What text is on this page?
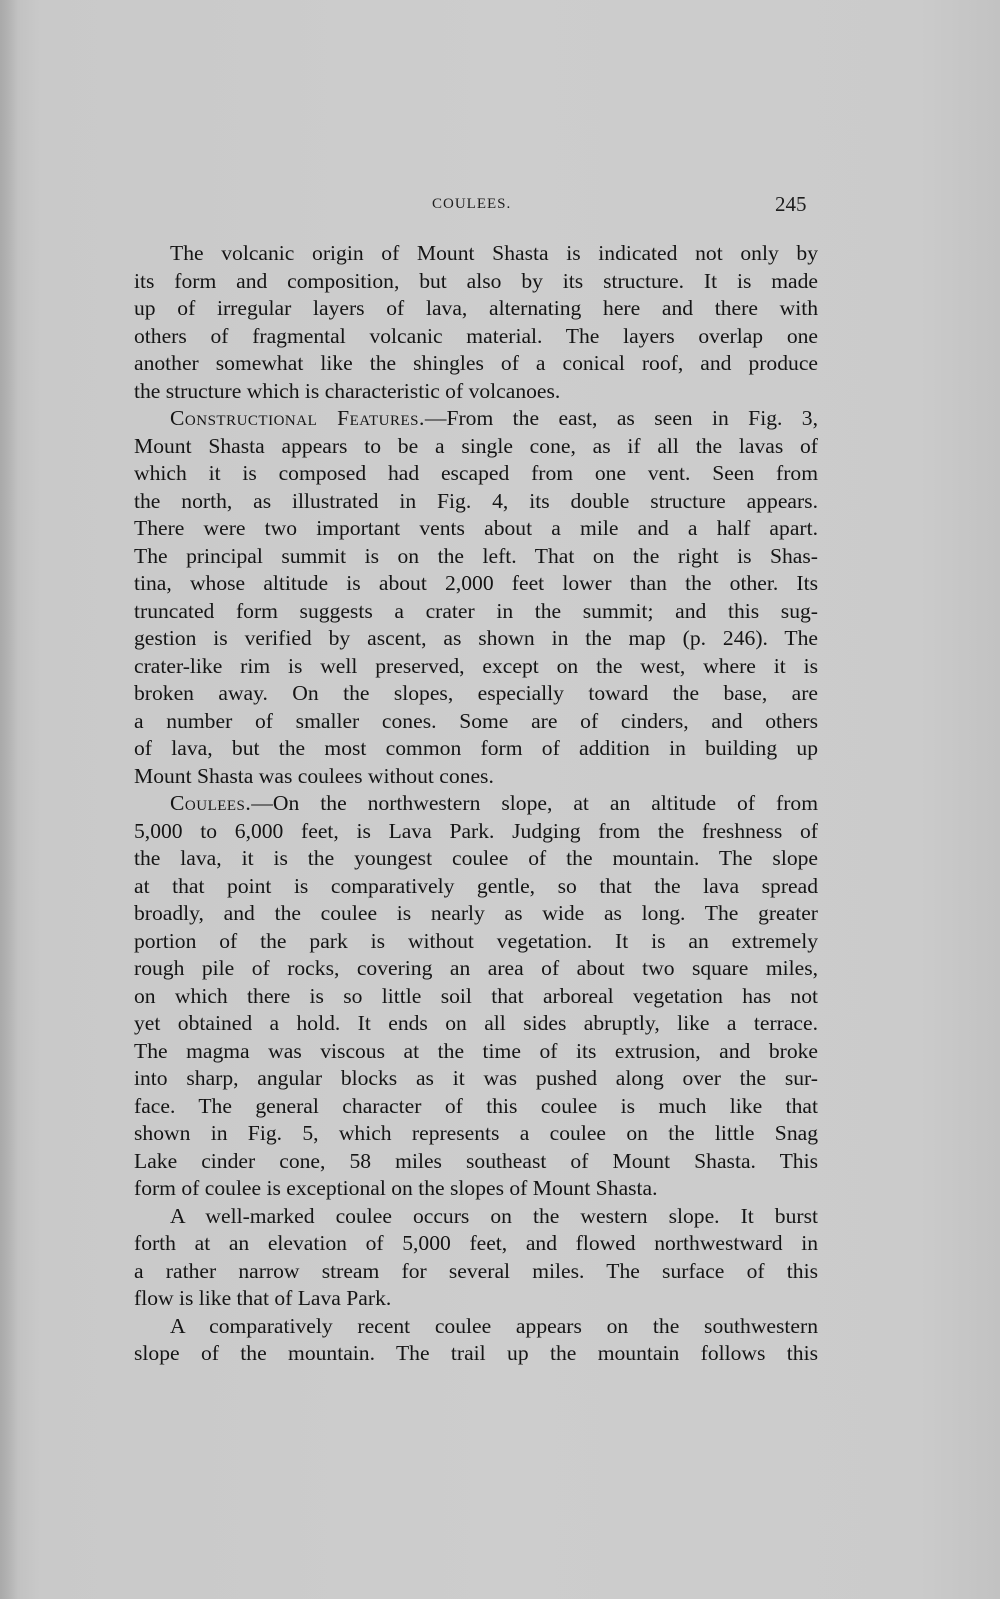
COULEES.	245
The volcanic origin of Mount Shasta is indicated not only by
its form and composition, but also by its structure. It is made
up of irregular layers of lava, alternating here and there with
others of fragmental volcanic material. The layers overlap one
another somewhat like the shingles of a conical roof, and produce
the structure which is characteristic of volcanoes.
Constructional Features.—From the east, as seen in Fig. 3,
Mount Shasta appears to be a single cone, as if all the lavas of
which it is composed had escaped from one vent. Seen from
the north, as illustrated in Fig. 4, its double structure appears.
There were two important vents about a mile and a half apart.
The principal summit is on the left. That on the right is Shas-
tina, whose altitude is about 2,000 feet lower than the other. Its
truncated form suggests a crater in the summit; and this sug-
gestion is verified by ascent, as shown in the map (p. 246). The
crater-like rim is well preserved, except on the west, where it is
broken away. On the slopes, especially toward the base, are
a number of smaller cones. Some are of cinders, and others
of lava, but the most common form of addition in building up
Mount Shasta was coulees without cones.
Coulees.—On the northwestern slope, at an altitude of from
5,000 to 6,000 feet, is Lava Park. Judging from the freshness of
the lava, it is the youngest coulee of the mountain. The slope
at that point is comparatively gentle, so that the lava spread
broadly, and the coulee is nearly as wide as long. The greater
portion of the park is without vegetation. It is an extremely
rough pile of rocks, covering an area of about two square miles,
on which there is so little soil that arboreal vegetation has not
yet obtained a hold. It ends on all sides abruptly, like a terrace.
The magma was viscous at the time of its extrusion, and broke
into sharp, angular blocks as it was pushed along over the sur-
face. The general character of this coulee is much like that
shown in Fig. 5, which represents a coulee on the little Snag
Lake cinder cone, 58 miles southeast of Mount Shasta. This
form of coulee is exceptional on the slopes of Mount Shasta.
A well-marked coulee occurs on the western slope. It burst
forth at an elevation of 5,000 feet, and flowed northwestward in
a rather narrow stream for several miles. The surface of this
flow is like that of Lava Park.
A comparatively recent coulee appears on the southwestern
slope of the mountain. The trail up the mountain follows this
